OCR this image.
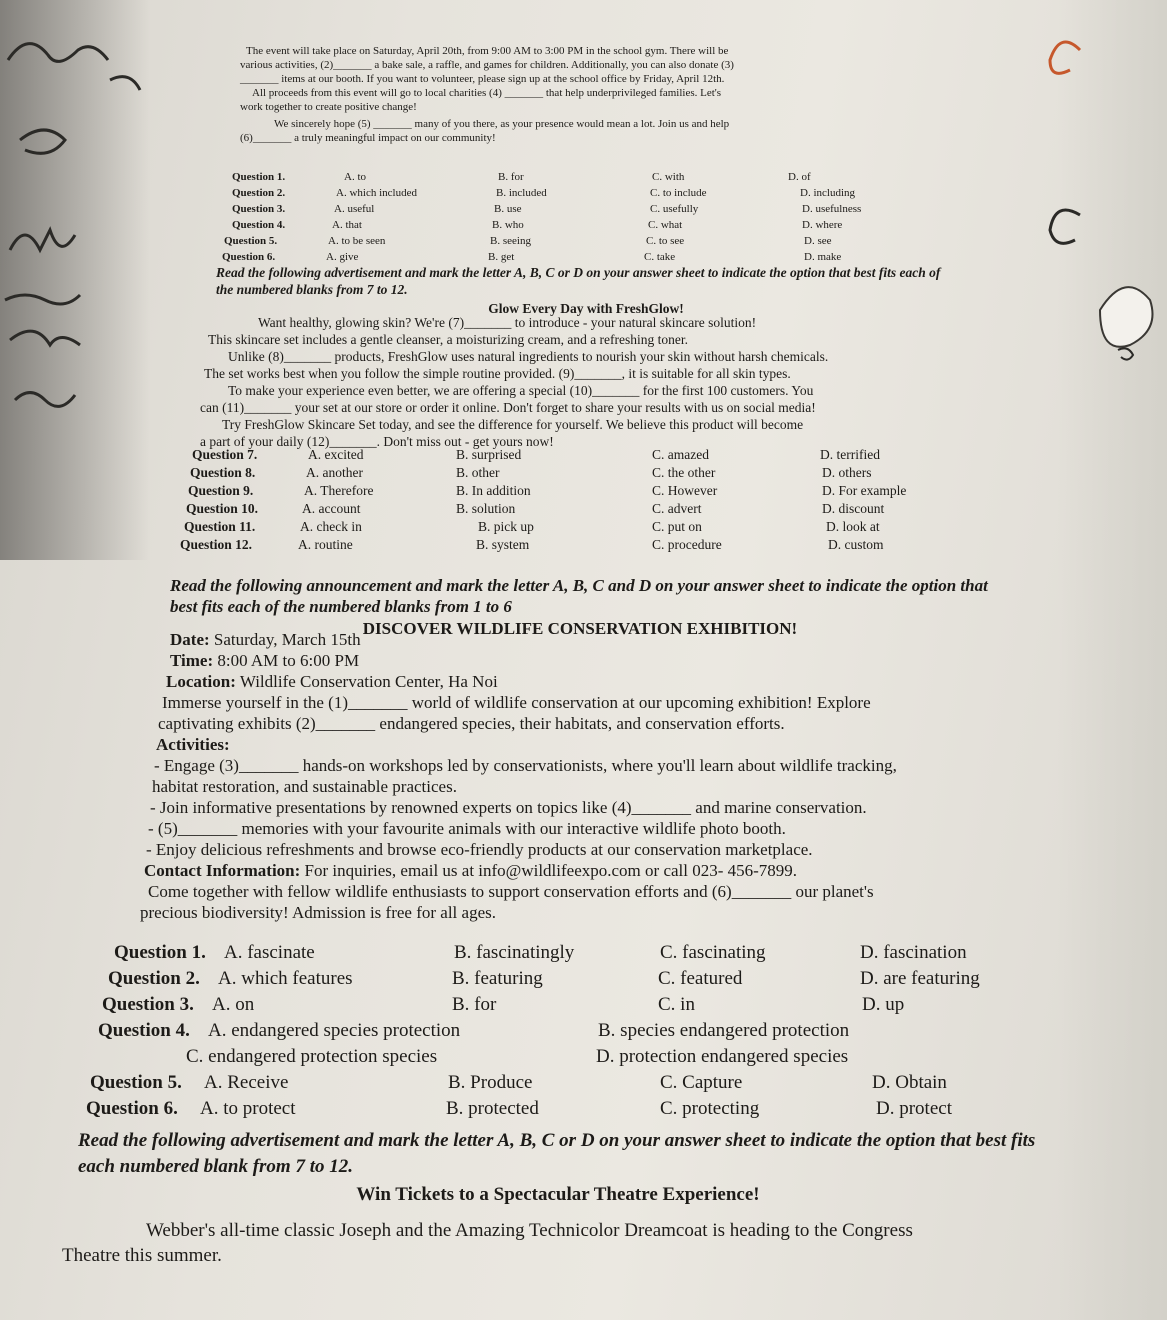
The event will take place on Saturday, April 20th, from 9:00 AM to 3:00 PM in the school gym. There will be

various activities, (2)_______ a bake sale, a raffle, and games for children. Additionally, you can also donate (3)

_______ items at our booth. If you want to volunteer, please sign up at the school office by Friday, April 12th.

All proceeds from this event will go to local charities (4) _______ that help underprivileged families. Let's

work together to create positive change!

We sincerely hope (5) _______ many of you there, as your presence would mean a lot. Join us and help

(6)_______ a truly meaningful impact on our community!

Question 1.	A. to	B. for	C. with	D. of
Question 2.	A. which included	B. included	C. to include	D. including
Question 3.	A. useful	B. use	C. usefully	D. usefulness
Question 4.	A. that	B. who	C. what	D. where
Question 5.	A. to be seen	B. seeing	C. to see	D. see
Question 6.	A. give	B. get	C. take	D. make

Read the following advertisement and mark the letter A, B, C or D on your answer sheet to indicate the option that best fits each of the numbered blanks from 7 to 12.

Glow Every Day with FreshGlow!

Want healthy, glowing skin? We're (7)_______ to introduce - your natural skincare solution!

This skincare set includes a gentle cleanser, a moisturizing cream, and a refreshing toner.

Unlike (8)_______ products, FreshGlow uses natural ingredients to nourish your skin without harsh chemicals.

The set works best when you follow the simple routine provided. (9)_______, it is suitable for all skin types.

To make your experience even better, we are offering a special (10)_______ for the first 100 customers. You

can (11)_______ your set at our store or order it online. Don't forget to share your results with us on social media!

Try FreshGlow Skincare Set today, and see the difference for yourself. We believe this product will become

a part of your daily (12)_______. Don't miss out - get yours now!

Question 7.	A. excited	B. surprised	C. amazed	D. terrified
Question 8.	A. another	B. other	C. the other	D. others
Question 9.	A. Therefore	B. In addition	C. However	D. For example
Question 10.	A. account	B. solution	C. advert	D. discount
Question 11.	A. check in	B. pick up	C. put on	D. look at
Question 12.	A. routine	B. system	C. procedure	D. custom

Read the following announcement and mark the letter A, B, C and D on your answer sheet to indicate the option that best fits each of the numbered blanks from 1 to 6

DISCOVER WILDLIFE CONSERVATION EXHIBITION!

Date: Saturday, March 15th

Time: 8:00 AM to 6:00 PM

Location: Wildlife Conservation Center, Ha Noi

Immerse yourself in the (1)_______ world of wildlife conservation at our upcoming exhibition! Explore

captivating exhibits (2)_______ endangered species, their habitats, and conservation efforts.

Activities:

- Engage (3)_______ hands-on workshops led by conservationists, where you'll learn about wildlife tracking,

habitat restoration, and sustainable practices.

- Join informative presentations by renowned experts on topics like (4)_______ and marine conservation.

- (5)_______ memories with your favourite animals with our interactive wildlife photo booth.

- Enjoy delicious refreshments and browse eco-friendly products at our conservation marketplace.

Contact Information: For inquiries, email us at info@wildlifeexpo.com or call 023- 456-7899.

Come together with fellow wildlife enthusiasts to support conservation efforts and (6)_______ our planet's

precious biodiversity! Admission is free for all ages.

Question 1. A. fascinate	B. fascinatingly	C. fascinating	D. fascination
Question 2. A. which features	B. featuring	C. featured	D. are featuring
Question 3. A. on	B. for	C. in	D. up
Question 4. A. endangered species protection	B. species endangered protection
C. endangered protection species	D. protection endangered species
Question 5. A. Receive	B. Produce	C. Capture	D. Obtain
Question 6. A. to protect	B. protected	C. protecting	D. protect

Read the following advertisement and mark the letter A, B, C or D on your answer sheet to indicate the option that best fits each numbered blank from 7 to 12.

Win Tickets to a Spectacular Theatre Experience!

Webber's all-time classic Joseph and the Amazing Technicolor Dreamcoat is heading to the Congress

Theatre this summer.
